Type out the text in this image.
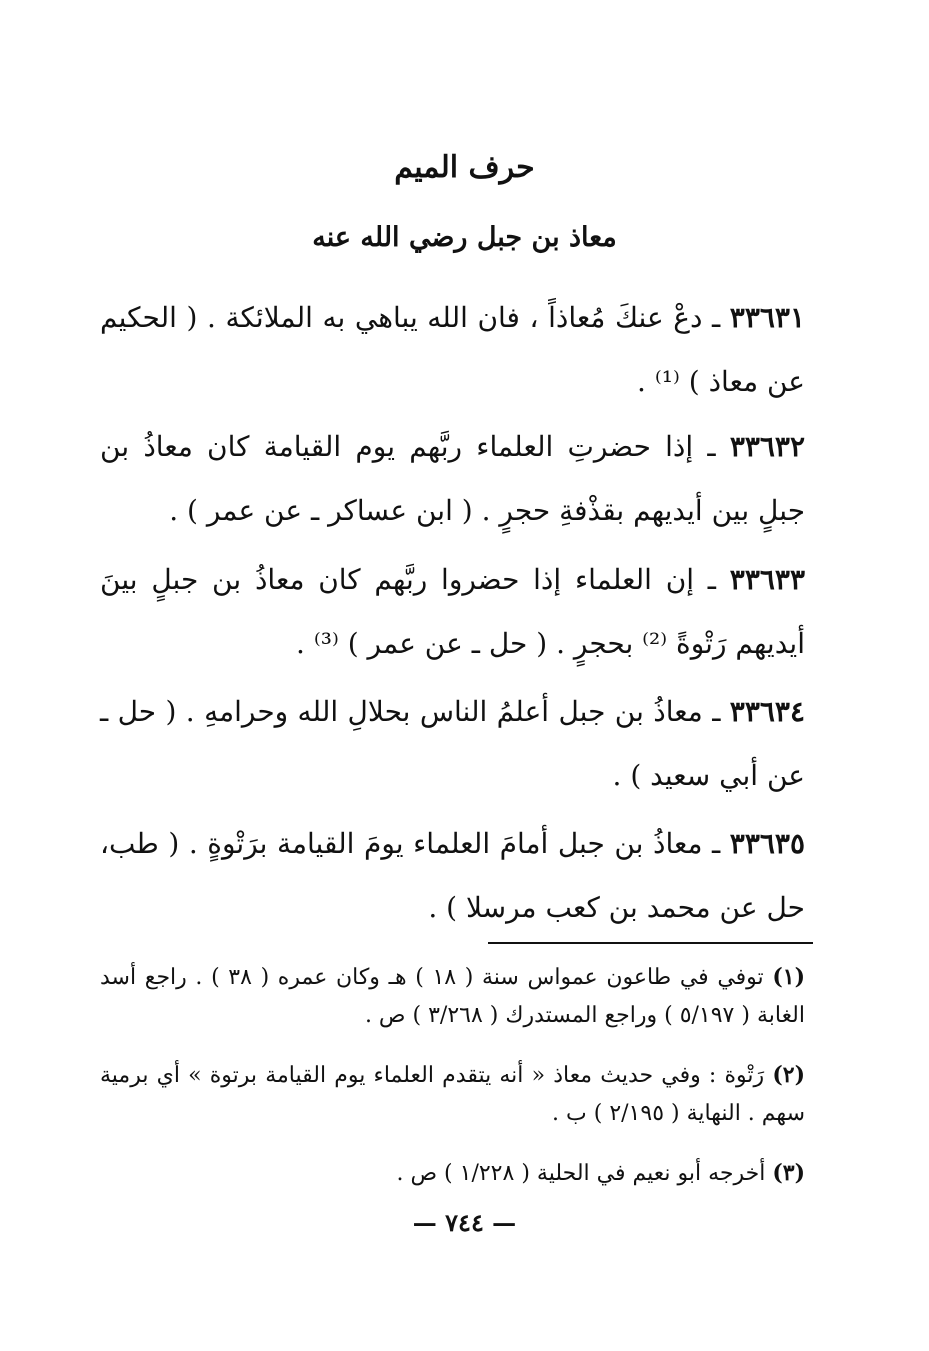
حرف الميم
معاذ بن جبل رضي الله عنه
٣٣٦٣١ ـ دعْ عنكَ مُعاذاً ، فان الله يباهي به الملائكة . ( الحكيم عن معاذ ) ⁽¹⁾ .
٣٣٦٣٢ ـ إذا حضرتِ العلماء ربَّهم يوم القيامة كان معاذُ بن جبلٍ بين أيديهم بقذْفةِ حجرٍ . ( ابن عساكر ـ عن عمر ) .
٣٣٦٣٣ ـ إن العلماء إذا حضروا ربَّهم كان معاذُ بن جبلٍ بينَ أيديهم رَتْوةً ⁽²⁾ بحجرٍ . ( حل ـ عن عمر ) ⁽³⁾ .
٣٣٦٣٤ ـ معاذُ بن جبل أعلمُ الناس بحلالِ الله وحرامهِ . ( حل ـ عن أبي سعيد ) .
٣٣٦٣٥ ـ معاذُ بن جبل أمامَ العلماء يومَ القيامة برَتْوةٍ . ( طب، حل عن محمد بن كعب مرسلا ) .
(١) توفي في طاعون عمواس سنة ( ١٨ ) هـ وكان عمره ( ٣٨ ) . راجع أسد الغابة ( ٥/١٩٧ ) وراجع المستدرك ( ٣/٢٦٨ ) ص .
(٢) رَتْوة : وفي حديث معاذ « أنه يتقدم العلماء يوم القيامة برتوة » أي برمية سهم . النهاية ( ٢/١٩٥ ) ب .
(٣) أخرجه أبو نعيم في الحلية ( ١/٢٢٨ ) ص .
— ٧٤٤ —
